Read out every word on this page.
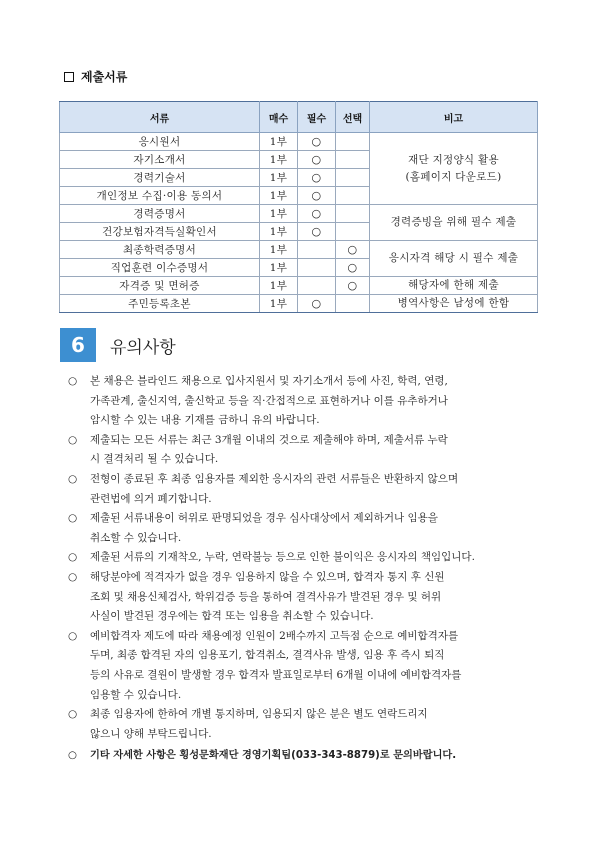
제출서류
서류	매수	필수	선택	비고
응시원서	1부	○		재단 지정양식 활용
(홈페이지 다운로드)

자기소개서	1부	○		
경력기술서	1부	○		
개인정보 수집·이용 동의서	1부	○		
경력증명서	1부	○		경력증빙을 위해 필수 제출
건강보험자격득실확인서	1부	○		
최종학력증명서	1부		○	응시자격 해당 시 필수 제출
직업훈련 이수증명서	1부		○	
자격증 및 면허증	1부		○	해당자에 한해 제출
주민등록초본	1부	○		병역사항은 남성에 한함
6	유의사항
○	본 채용은 블라인드 채용으로 입사지원서 및 자기소개서 등에 사진, 학력, 연령,
가족관계, 출신지역, 출신학교 등을 직·간접적으로 표현하거나 이를 유추하거나
암시할 수 있는 내용 기재를 금하니 유의 바랍니다.
○	제출되는 모든 서류는 최근 3개월 이내의 것으로 제출해야 하며, 제출서류 누락
시 결격처리 될 수 있습니다.
○	전형이 종료된 후 최종 임용자를 제외한 응시자의 관련 서류들은 반환하지 않으며
관련법에 의거 폐기합니다.
○	제출된 서류내용이 허위로 판명되었을 경우 심사대상에서 제외하거나 임용을
취소할 수 있습니다.
○	제출된 서류의 기재착오, 누락, 연락불능 등으로 인한 불이익은 응시자의 책임입니다.
○	해당분야에 적격자가 없을 경우 임용하지 않을 수 있으며, 합격자 통지 후 신원
조회 및 채용신체검사, 학위검증 등을 통하여 결격사유가 발견된 경우 및 허위
사실이 발견된 경우에는 합격 또는 임용을 취소할 수 있습니다.
○	예비합격자 제도에 따라 채용예정 인원이 2배수까지 고득점 순으로 예비합격자를
두며, 최종 합격된 자의 임용포기, 합격취소, 결격사유 발생, 임용 후 즉시 퇴직
등의 사유로 결원이 발생할 경우 합격자 발표일로부터 6개월 이내에 예비합격자를
임용할 수 있습니다.
○	최종 임용자에 한하여 개별 통지하며, 임용되지 않은 분은 별도 연락드리지
않으니 양해 부탁드립니다.
○	기타 자세한 사항은 횡성문화재단 경영기획팀(033-343-8879)로 문의바랍니다.
